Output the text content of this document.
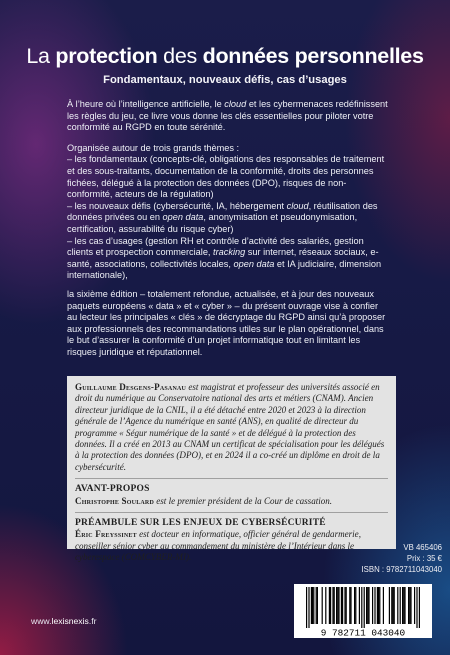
La protection des données personnelles
Fondamentaux, nouveaux défis, cas d’usages

À l’heure où l’intelligence artificielle, le cloud et les cybermenaces redéfinissent les règles du jeu, ce livre vous donne les clés essentielles pour piloter votre conformité au RGPD en toute sérénité.

Organisée autour de trois grands thèmes :

– les fondamentaux (concepts-clé, obligations des responsables de traitement et des sous-traitants, documentation de la conformité, droits des personnes fichées, délégué à la protection des données (DPO), risques de non-conformité, acteurs de la régulation)

– les nouveaux défis (cybersécurité, IA, hébergement cloud, réutilisation des données privées ou en open data, anonymisation et pseudonymisation, certification, assurabilité du risque cyber)

– les cas d’usages (gestion RH et contrôle d’activité des salariés, gestion clients et prospection commerciale, tracking sur internet, réseaux sociaux, e-santé, associations, collectivités locales, open data et IA judiciaire, dimension internationale),

la sixième édition – totalement refondue, actualisée, et à jour des nouveaux paquets européens « data » et « cyber » – du présent ouvrage vise à confier au lecteur les principales « clés » de décryptage du RGPD ainsi qu’à proposer aux professionnels des recommandations utiles sur le plan opérationnel, dans le but d’assurer la conformité d’un projet informatique tout en limitant les risques juridique et réputationnel.

Guillaume Desgens-Pasanau est magistrat et professeur des universités associé en droit du numérique au Conservatoire national des arts et métiers (CNAM). Ancien directeur juridique de la CNIL, il a été détaché entre 2020 et 2023 à la direction générale de l’Agence du numérique en santé (ANS), en qualité de directeur du programme « Ségur numérique de la santé » et de délégué à la protection des données. Il a créé en 2013 au CNAM un certificat de spécialisation pour les délégués à la protection des données (DPO), et en 2024 il a co-créé un diplôme en droit de la cybersécurité.

AVANT-PROPOS

Christophe Soulard est le premier président de la Cour de cassation.

PRÉAMBULE SUR LES ENJEUX DE CYBERSÉCURITÉ

Éric Freyssinet est docteur en informatique, officier général de gendarmerie, conseiller sénior cyber au commandement du ministère de l’Intérieur dans le cyberespace (COMCYBER-MI).

VB 465406
Prix : 35 €
ISBN : 9782711043040
9 782711 043040
www.lexisnexis.fr
